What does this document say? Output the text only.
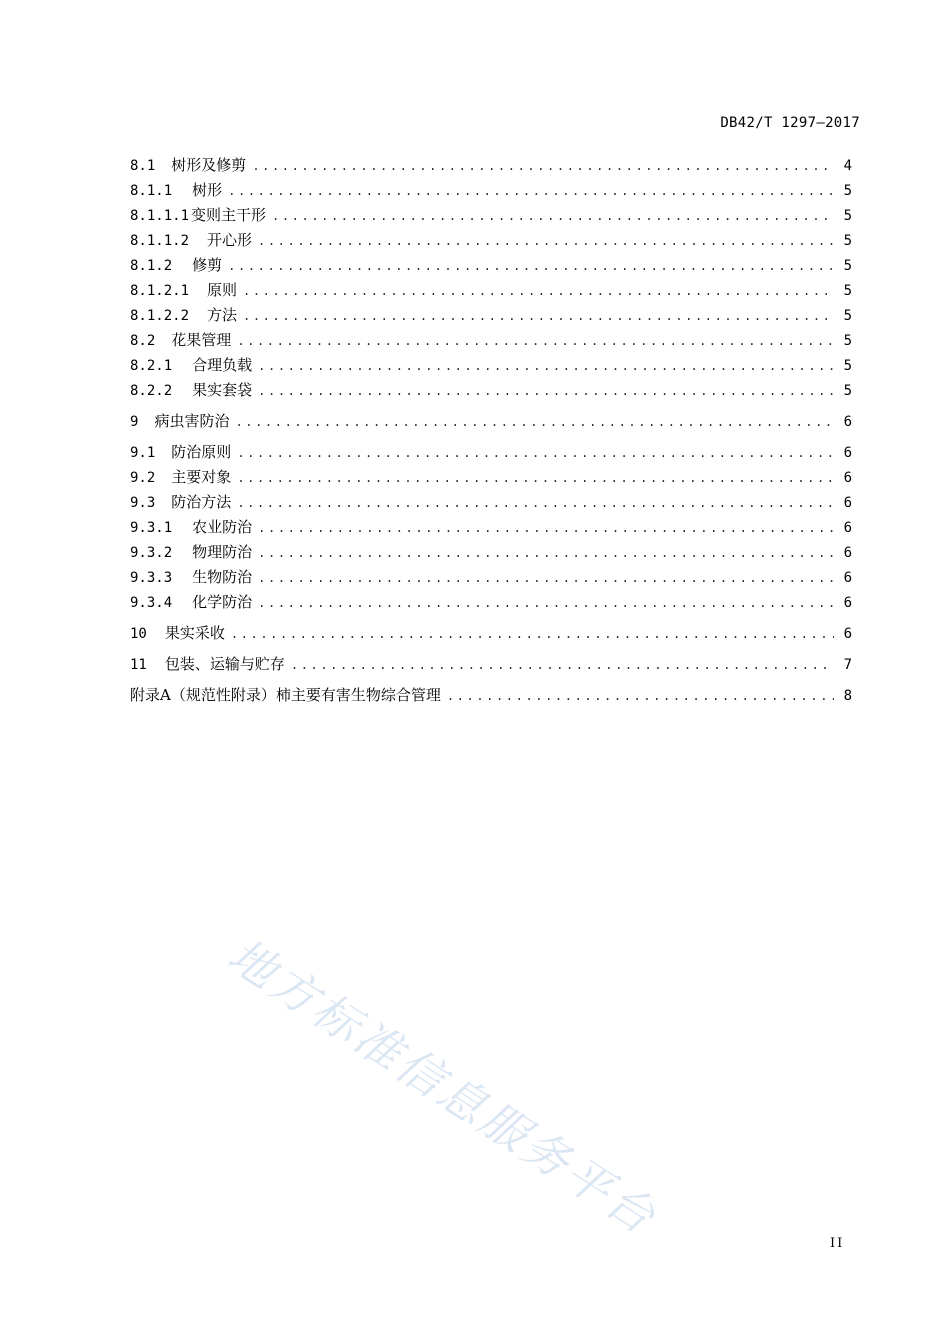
DB42/T 1297—2017
8.1 树形及修剪 .....	4
8.1.1 树形 .....	5
8.1.1.1 变则主干形 .....	5
8.1.1.2 开心形 .....	5
8.1.2 修剪 .....	5
8.1.2.1 原则 .....	5
8.1.2.2 方法 .....	5
8.2 花果管理 .....	5
8.2.1 合理负载 .....	5
8.2.2 果实套袋 .....	5
9 病虫害防治 .....	6
9.1 防治原则 .....	6
9.2 主要对象 .....	6
9.3 防治方法 .....	6
9.3.1 农业防治 .....	6
9.3.2 物理防治 .....	6
9.3.3 生物防治 .....	6
9.3.4 化学防治 .....	6
10 果实采收 .....	6
11 包装、运输与贮存 .....	7
附录A （规范性附录）柿主要有害生物综合管理 .....	8
地方标准信息服务平台	II
